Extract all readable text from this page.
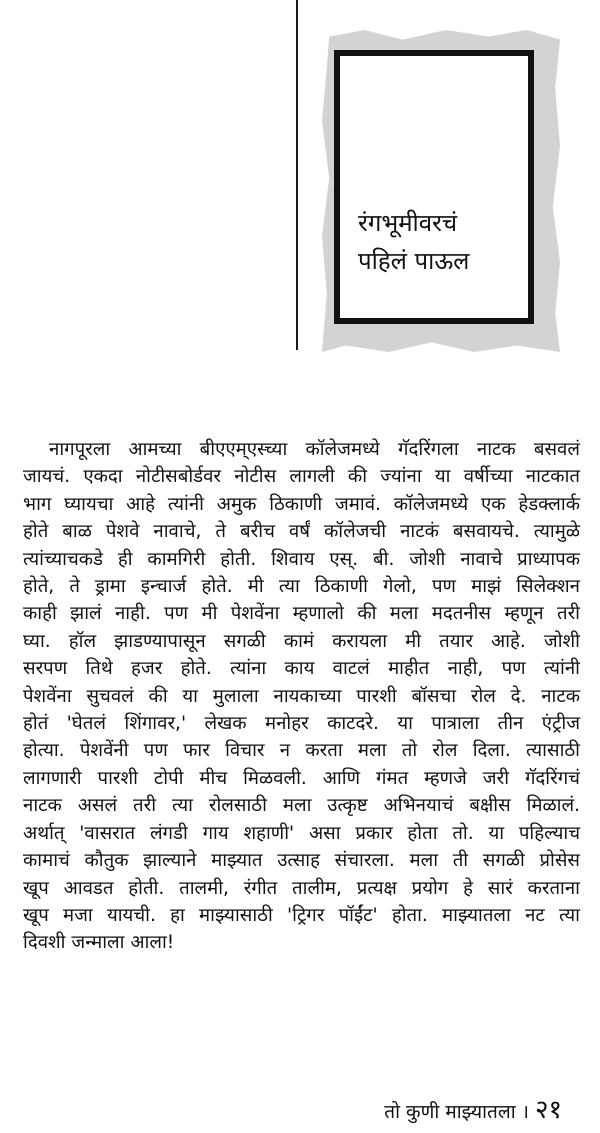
रंगभूमीवरचं
पहिलं पाऊल
नागपूरला आमच्या बीएएम्एस्च्या कॉलेजमध्ये गॅदरिंगला नाटक बसवलं
जायचं. एकदा नोटीसबोर्डवर नोटीस लागली की ज्यांना या वर्षीच्या नाटकात
भाग घ्यायचा आहे त्यांनी अमुक ठिकाणी जमावं. कॉलेजमध्ये एक हेडक्लार्क
होते बाळ पेशवे नावाचे, ते बरीच वर्षं कॉलेजची नाटकं बसवायचे. त्यामुळे
त्यांच्याचकडे ही कामगिरी होती. शिवाय एस्. बी. जोशी नावाचे प्राध्यापक
होते, ते ड्रामा इन्चार्ज होते. मी त्या ठिकाणी गेलो, पण माझं सिलेक्शन
काही झालं नाही. पण मी पेशवेंना म्हणालो की मला मदतनीस म्हणून तरी
घ्या. हॉल झाडण्यापासून सगळी कामं करायला मी तयार आहे. जोशी
सरपण तिथे हजर होते. त्यांना काय वाटलं माहीत नाही, पण त्यांनी
पेशवेंना सुचवलं की या मुलाला नायकाच्या पारशी बॉसचा रोल दे. नाटक
होतं 'घेतलं शिंगावर,' लेखक मनोहर काटदरे. या पात्राला तीन एंट्रीज
होत्या. पेशवेंनी पण फार विचार न करता मला तो रोल दिला. त्यासाठी
लागणारी पारशी टोपी मीच मिळवली. आणि गंमत म्हणजे जरी गॅदरिंगचं
नाटक असलं तरी त्या रोलसाठी मला उत्कृष्ट अभिनयाचं बक्षीस मिळालं.
अर्थात् 'वासरात लंगडी गाय शहाणी' असा प्रकार होता तो. या पहिल्याच
कामाचं कौतुक झाल्याने माझ्यात उत्साह संचारला. मला ती सगळी प्रोसेस
खूप आवडत होती. तालमी, रंगीत तालीम, प्रत्यक्ष प्रयोग हे सारं करताना
खूप मजा यायची. हा माझ्यासाठी 'ट्रिगर पॉईंट' होता. माझ्यातला नट त्या
दिवशी जन्माला आला!
तो कुणी माझ्यातला । २१
